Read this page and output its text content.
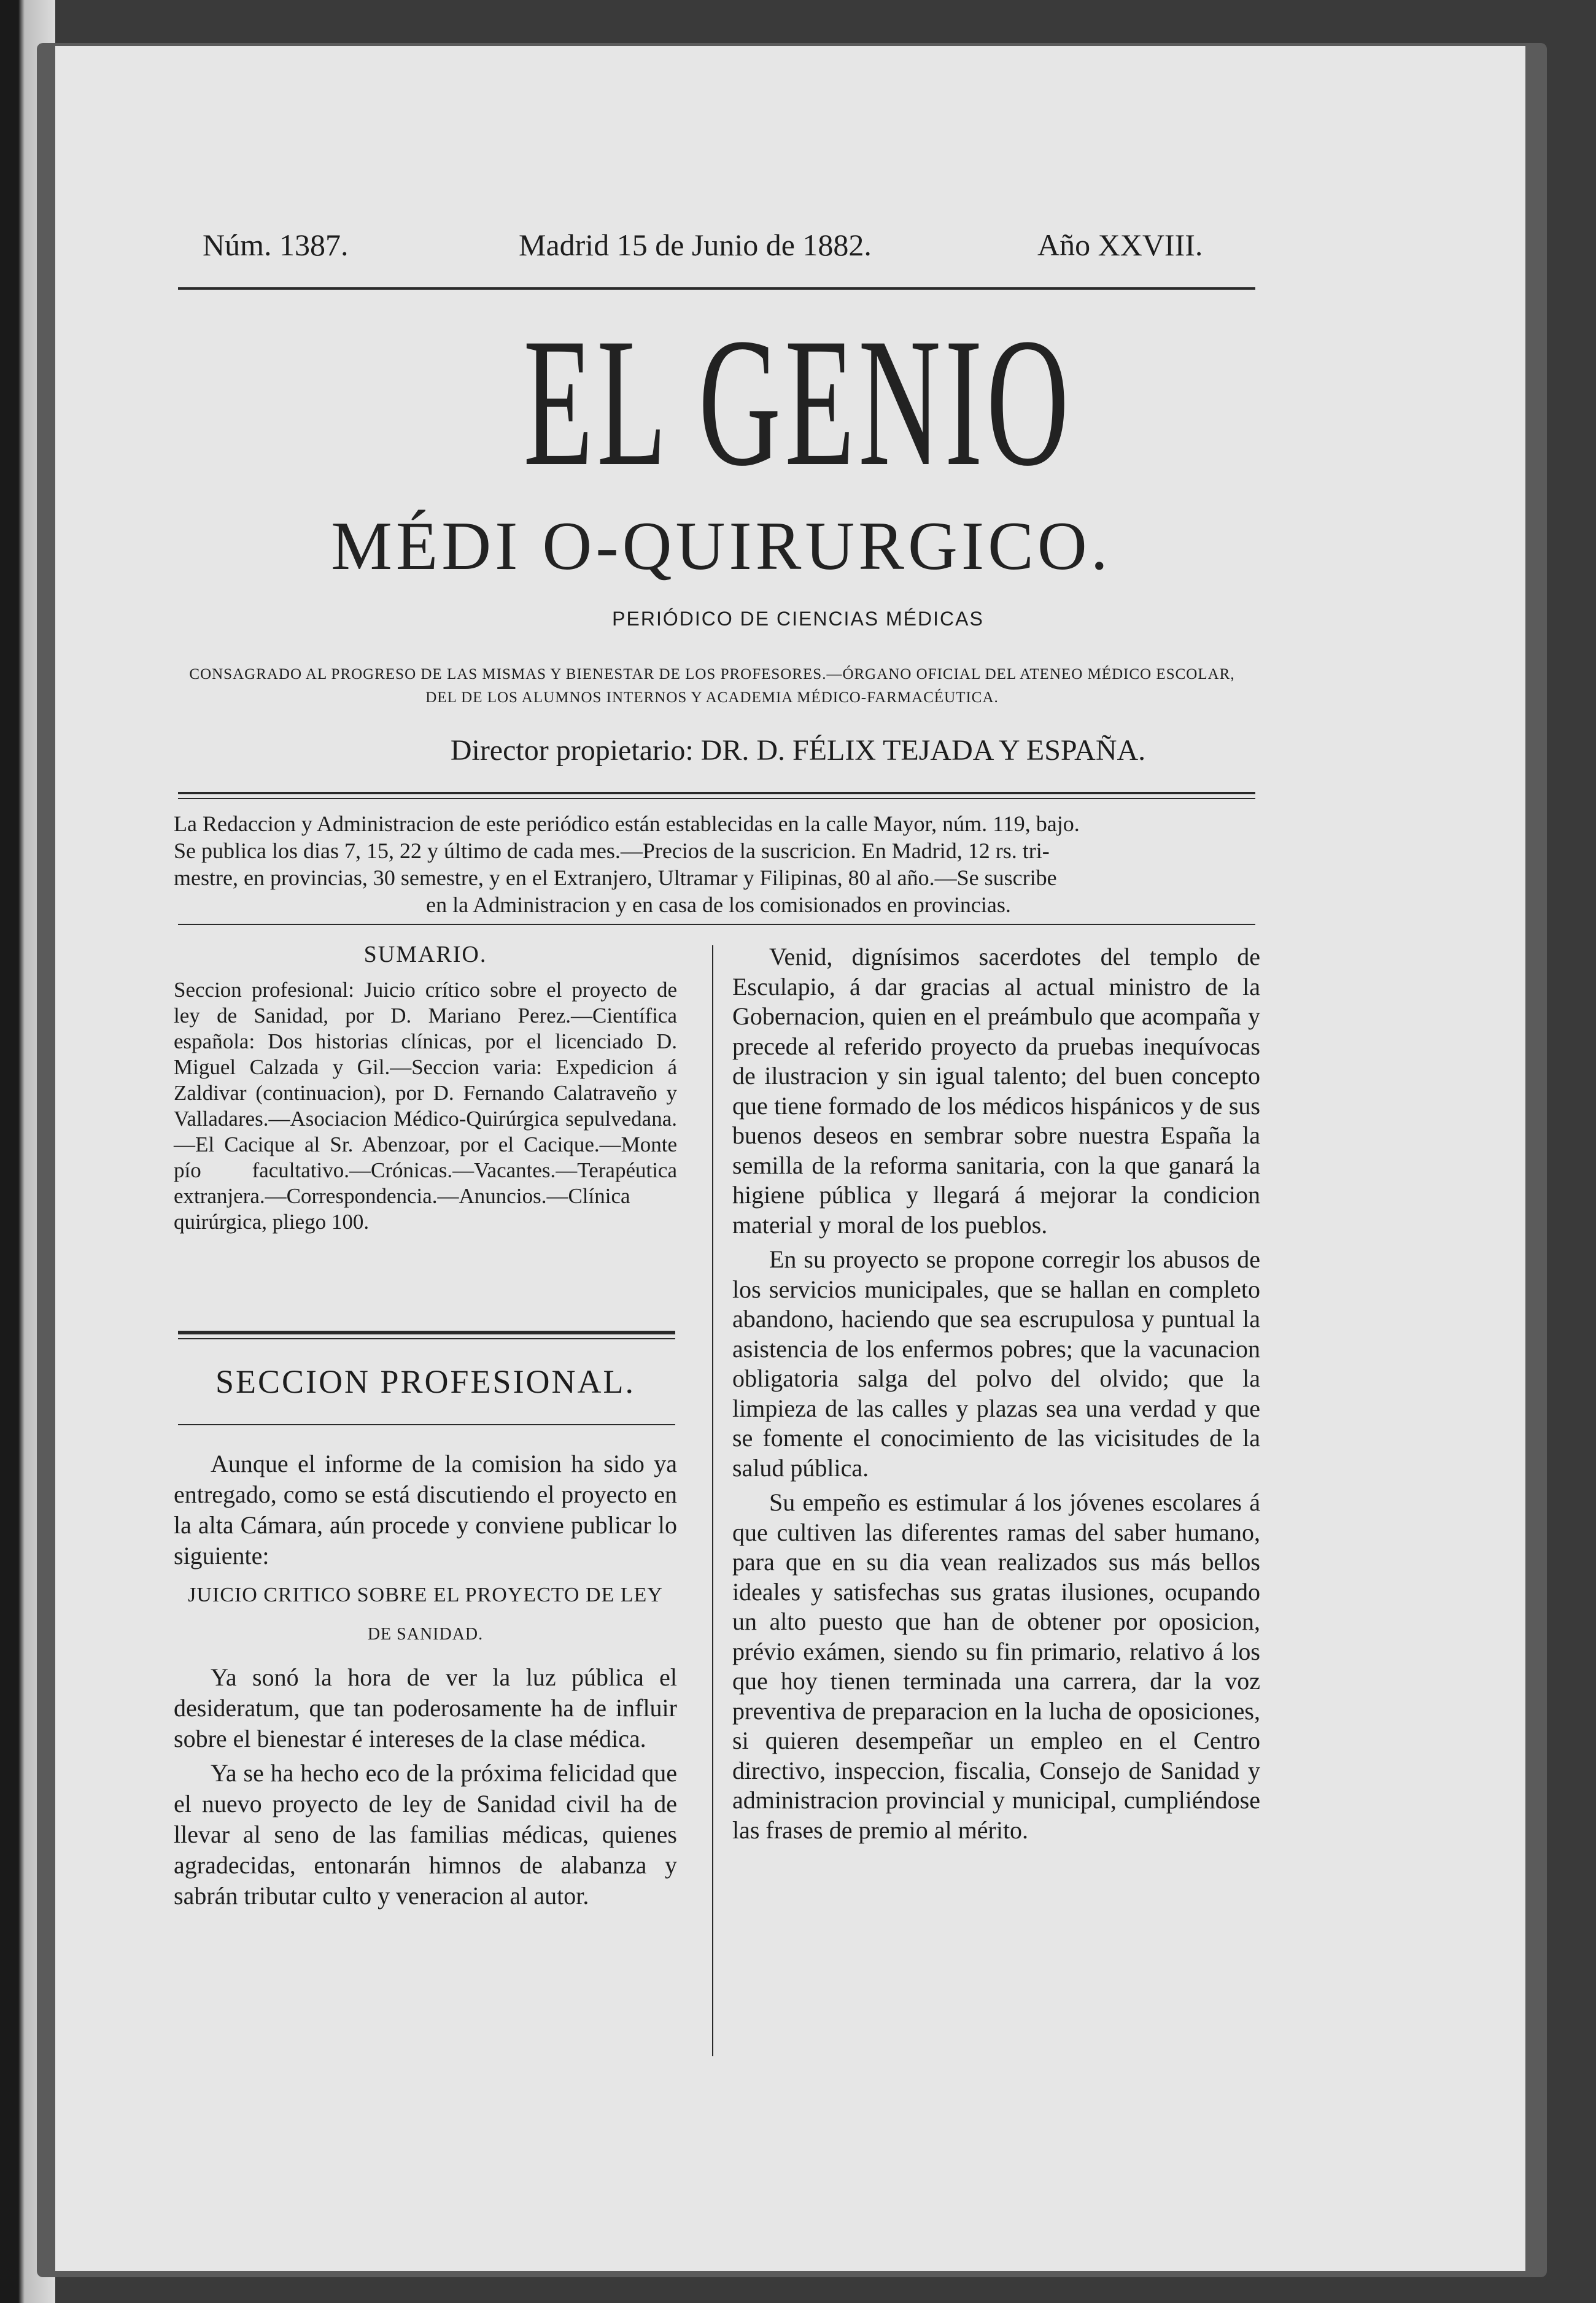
Núm. 1387.	Madrid 15 de Junio de 1882.	Año XXVIII.
EL GENIO
MÉDI O-QUIRURGICO.
PERIÓDICO DE CIENCIAS MÉDICAS
CONSAGRADO AL PROGRESO DE LAS MISMAS Y BIENESTAR DE LOS PROFESORES.—ÓRGANO OFICIAL DEL ATENEO MÉDICO ESCOLAR, DEL DE LOS ALUMNOS INTERNOS Y ACADEMIA MÉDICO-FARMACÉUTICA.
Director propietario: DR. D. FÉLIX TEJADA Y ESPAÑA.
La Redaccion y Administracion de este periódico están establecidas en la calle Mayor, núm. 119, bajo.
Se publica los dias 7, 15, 22 y último de cada mes.—Precios de la suscricion. En Madrid, 12 rs. tri-
mestre, en provincias, 30 semestre, y en el Extranjero, Ultramar y Filipinas, 80 al año.—Se suscribe
en la Administracion y en casa de los comisionados en provincias.
SUMARIO.

Seccion profesional: Juicio crítico sobre el proyecto de ley de Sanidad, por D. Mariano Perez.—Científica española: Dos historias clínicas, por el licenciado D. Miguel Calzada y Gil.—Seccion varia: Expedicion á Zaldivar (continuacion), por D. Fernando Calatraveño y Valladares.—Asociacion Médico-Quirúrgica sepulvedana.—El Cacique al Sr. Abenzoar, por el Cacique.—Monte pío facultativo.—Crónicas.—Vacantes.—Terapéutica extranjera.—Correspondencia.—Anuncios.—Clínica quirúrgica, pliego 100.

SECCION PROFESIONAL.

Aunque el informe de la comision ha sido ya entregado, como se está discutiendo el proyecto en la alta Cámara, aún procede y conviene publicar lo siguiente:

JUICIO CRITICO SOBRE EL PROYECTO DE LEY

DE SANIDAD.

Ya sonó la hora de ver la luz pública el desideratum, que tan poderosamente ha de influir sobre el bienestar é intereses de la clase médica.

Ya se ha hecho eco de la próxima felicidad que el nuevo proyecto de ley de Sanidad civil ha de llevar al seno de las familias médicas, quienes agradecidas, entonarán himnos de alabanza y sabrán tributar culto y veneracion al autor.

Venid, dignísimos sacerdotes del templo de Esculapio, á dar gracias al actual ministro de la Gobernacion, quien en el preámbulo que acompaña y precede al referido proyecto da pruebas inequívocas de ilustracion y sin igual talento; del buen concepto que tiene formado de los médicos hispánicos y de sus buenos deseos en sembrar sobre nuestra España la semilla de la reforma sanitaria, con la que ganará la higiene pública y llegará á mejorar la condicion material y moral de los pueblos.

En su proyecto se propone corregir los abusos de los servicios municipales, que se hallan en completo abandono, haciendo que sea escrupulosa y puntual la asistencia de los enfermos pobres; que la vacunacion obligatoria salga del polvo del olvido; que la limpieza de las calles y plazas sea una verdad y que se fomente el conocimiento de las vicisitudes de la salud pública.

Su empeño es estimular á los jóvenes escolares á que cultiven las diferentes ramas del saber humano, para que en su dia vean realizados sus más bellos ideales y satisfechas sus gratas ilusiones, ocupando un alto puesto que han de obtener por oposicion, prévio exámen, siendo su fin primario, relativo á los que hoy tienen terminada una carrera, dar la voz preventiva de preparacion en la lucha de oposiciones, si quieren desempeñar un empleo en el Centro directivo, inspeccion, fiscalia, Consejo de Sanidad y administracion provincial y municipal, cumpliéndose las frases de premio al mérito.
